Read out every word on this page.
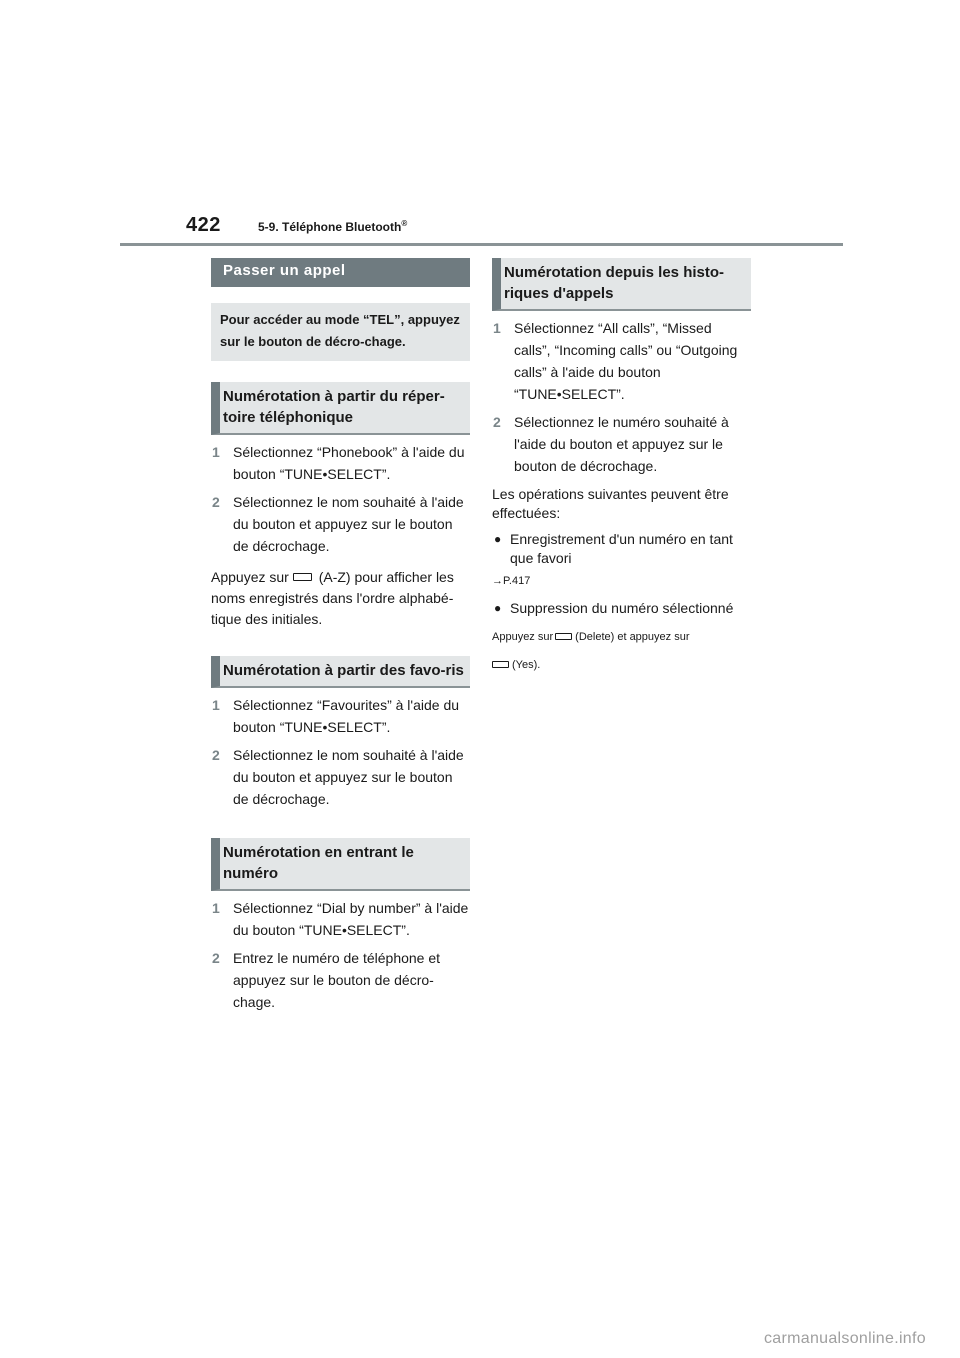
422	5-9. Téléphone Bluetooth®
Passer un appel
Pour accéder au mode “TEL”, appuyez sur le bouton de décro-chage.
Numérotation à partir du réper-toire téléphonique
1 Sélectionnez “Phonebook” à l'aide du bouton “TUNE•SELECT”.
2 Sélectionnez le nom souhaité à l'aide du bouton et appuyez sur le bouton de décrochage.
Appuyez sur (A-Z) pour afficher les noms enregistrés dans l'ordre alphabé-tique des initiales.
Numérotation à partir des favo-ris
1 Sélectionnez “Favourites” à l'aide du bouton “TUNE•SELECT”.
2 Sélectionnez le nom souhaité à l'aide du bouton et appuyez sur le bouton de décrochage.
Numérotation en entrant le numéro
1 Sélectionnez “Dial by number” à l'aide du bouton “TUNE•SELECT”.
2 Entrez le numéro de téléphone et appuyez sur le bouton de décro-chage.
Numérotation depuis les histo-riques d'appels
1 Sélectionnez “All calls”, “Missed calls”, “Incoming calls” ou “Outgoing calls” à l'aide du bouton “TUNE•SELECT”.
2 Sélectionnez le numéro souhaité à l'aide du bouton et appuyez sur le bouton de décrochage.
Les opérations suivantes peuvent être effectuées:
● Enregistrement d'un numéro en tant que favori
→P.417
● Suppression du numéro sélectionné
Appuyez sur (Delete) et appuyez sur
(Yes).
carmanualsonline.info
